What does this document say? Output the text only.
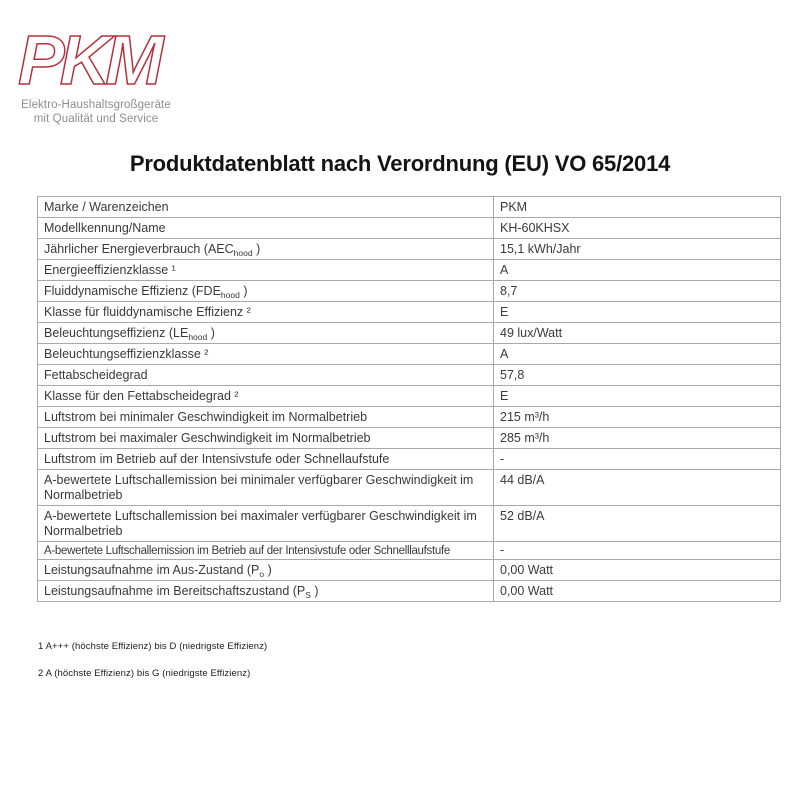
PKM
Elektro-Haushaltsgroßgeräte
mit Qualität und Service
Produktdatenblatt nach Verordnung (EU) VO 65/2014
Marke / Warenzeichen	PKM
Modellkennung/Name	KH-60KHSX
Jährlicher Energieverbrauch ($AEC_{hood}$ )	15,1 kWh/Jahr
Energieeffizienzklasse ¹	A
Fluiddynamische Effizienz ($FDE_{hood}$ )	8,7
Klasse für fluiddynamische Effizienz ²	E
Beleuchtungseffizienz ($LE_{hood}$ )	49 lux/Watt
Beleuchtungseffizienzklasse ²	A
Fettabscheidegrad	57,8
Klasse für den Fettabscheidegrad ²	E
Luftstrom bei minimaler Geschwindigkeit im Normalbetrieb	215 m³/h
Luftstrom bei maximaler Geschwindigkeit im Normalbetrieb	285 m³/h
Luftstrom im Betrieb auf der Intensivstufe oder Schnellaufstufe	-
A-bewertete Luftschallemission bei minimaler verfügbarer Geschwindigkeit im Normalbetrieb	44 dB/A
A-bewertete Luftschallemission bei maximaler verfügbarer Geschwindigkeit im Normalbetrieb	52 dB/A
A-bewertete Luftschallemission im Betrieb auf der Intensivstufe oder Schnelllaufstufe	-
Leistungsaufnahme im Aus-Zustand ($P_o$ )	0,00 Watt
Leistungsaufnahme im Bereitschaftszustand ($P_S$ )	0,00 Watt
1 A+++ (höchste Effizienz) bis D (niedrigste Effizienz)
2 A (höchste Effizienz) bis G (niedrigste Effizienz)
